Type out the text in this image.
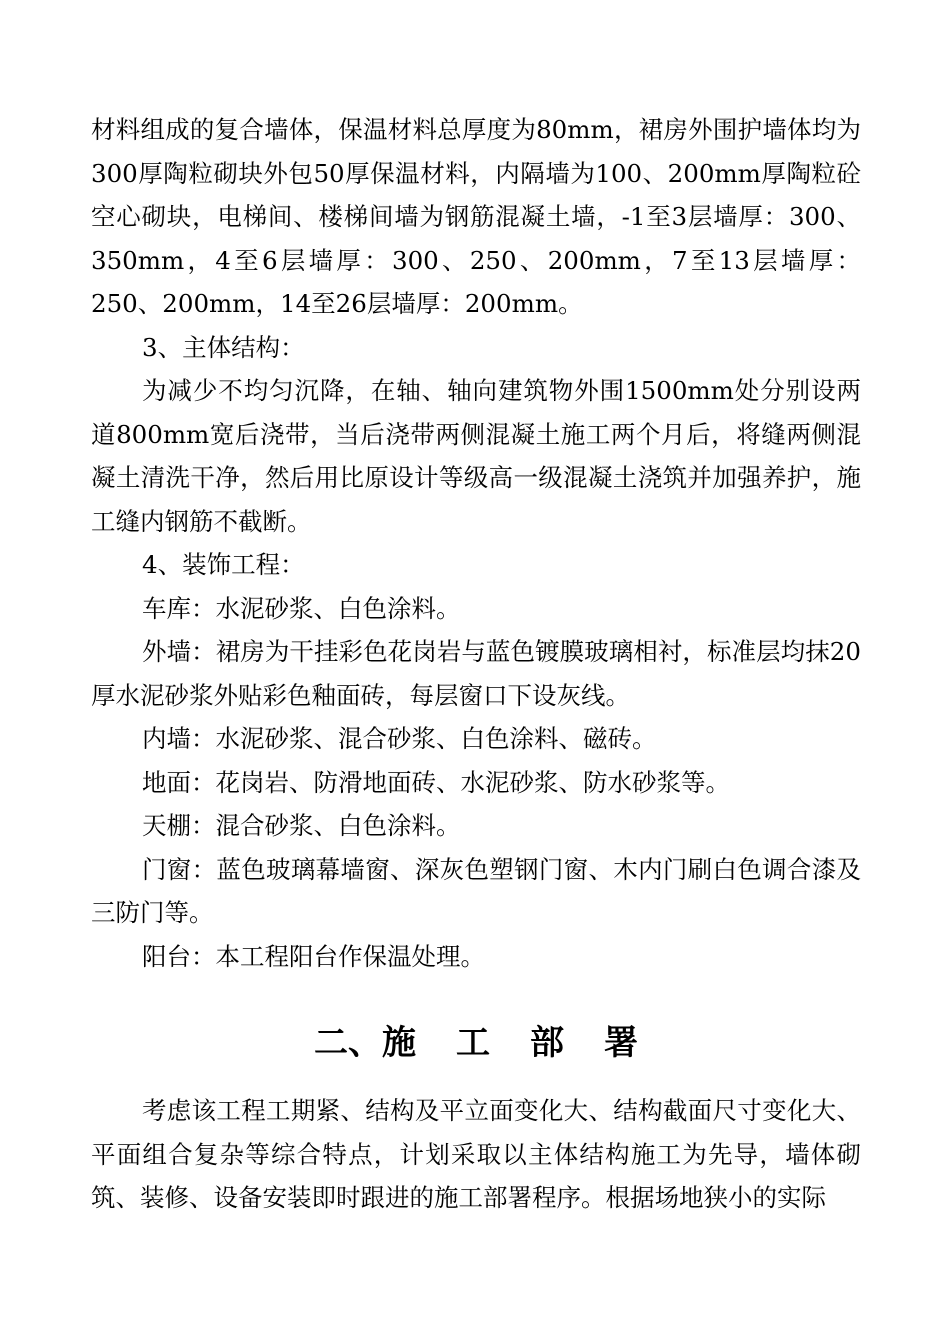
材料组成的复合墙体，保温材料总厚度为80mm，裙房外围护墙体均为300厚陶粒砌块外包50厚保温材料，内隔墙为100、200mm厚陶粒砼空心砌块，电梯间、楼梯间墙为钢筋混凝土墙，-1至3层墙厚：300、350mm，4至6层墙厚：300、250、200mm，7至13层墙厚：250、200mm，14至26层墙厚：200mm。

3、主体结构：

为减少不均匀沉降，在轴、轴向建筑物外围1500mm处分别设两道800mm宽后浇带，当后浇带两侧混凝土施工两个月后，将缝两侧混凝土清洗干净，然后用比原设计等级高一级混凝土浇筑并加强养护，施工缝内钢筋不截断。

4、装饰工程：

车库：水泥砂浆、白色涂料。

外墙：裙房为干挂彩色花岗岩与蓝色镀膜玻璃相衬，标准层均抹20厚水泥砂浆外贴彩色釉面砖，每层窗口下设灰线。

内墙：水泥砂浆、混合砂浆、白色涂料、磁砖。

地面：花岗岩、防滑地面砖、水泥砂浆、防水砂浆等。

天棚：混合砂浆、白色涂料。

门窗：蓝色玻璃幕墙窗、深灰色塑钢门窗、木内门刷白色调合漆及三防门等。

阳台：本工程阳台作保温处理。

二、施 工 部 署

考虑该工程工期紧、结构及平立面变化大、结构截面尺寸变化大、平面组合复杂等综合特点，计划采取以主体结构施工为先导，墙体砌筑、装修、设备安装即时跟进的施工部署程序。根据场地狭小的实际
